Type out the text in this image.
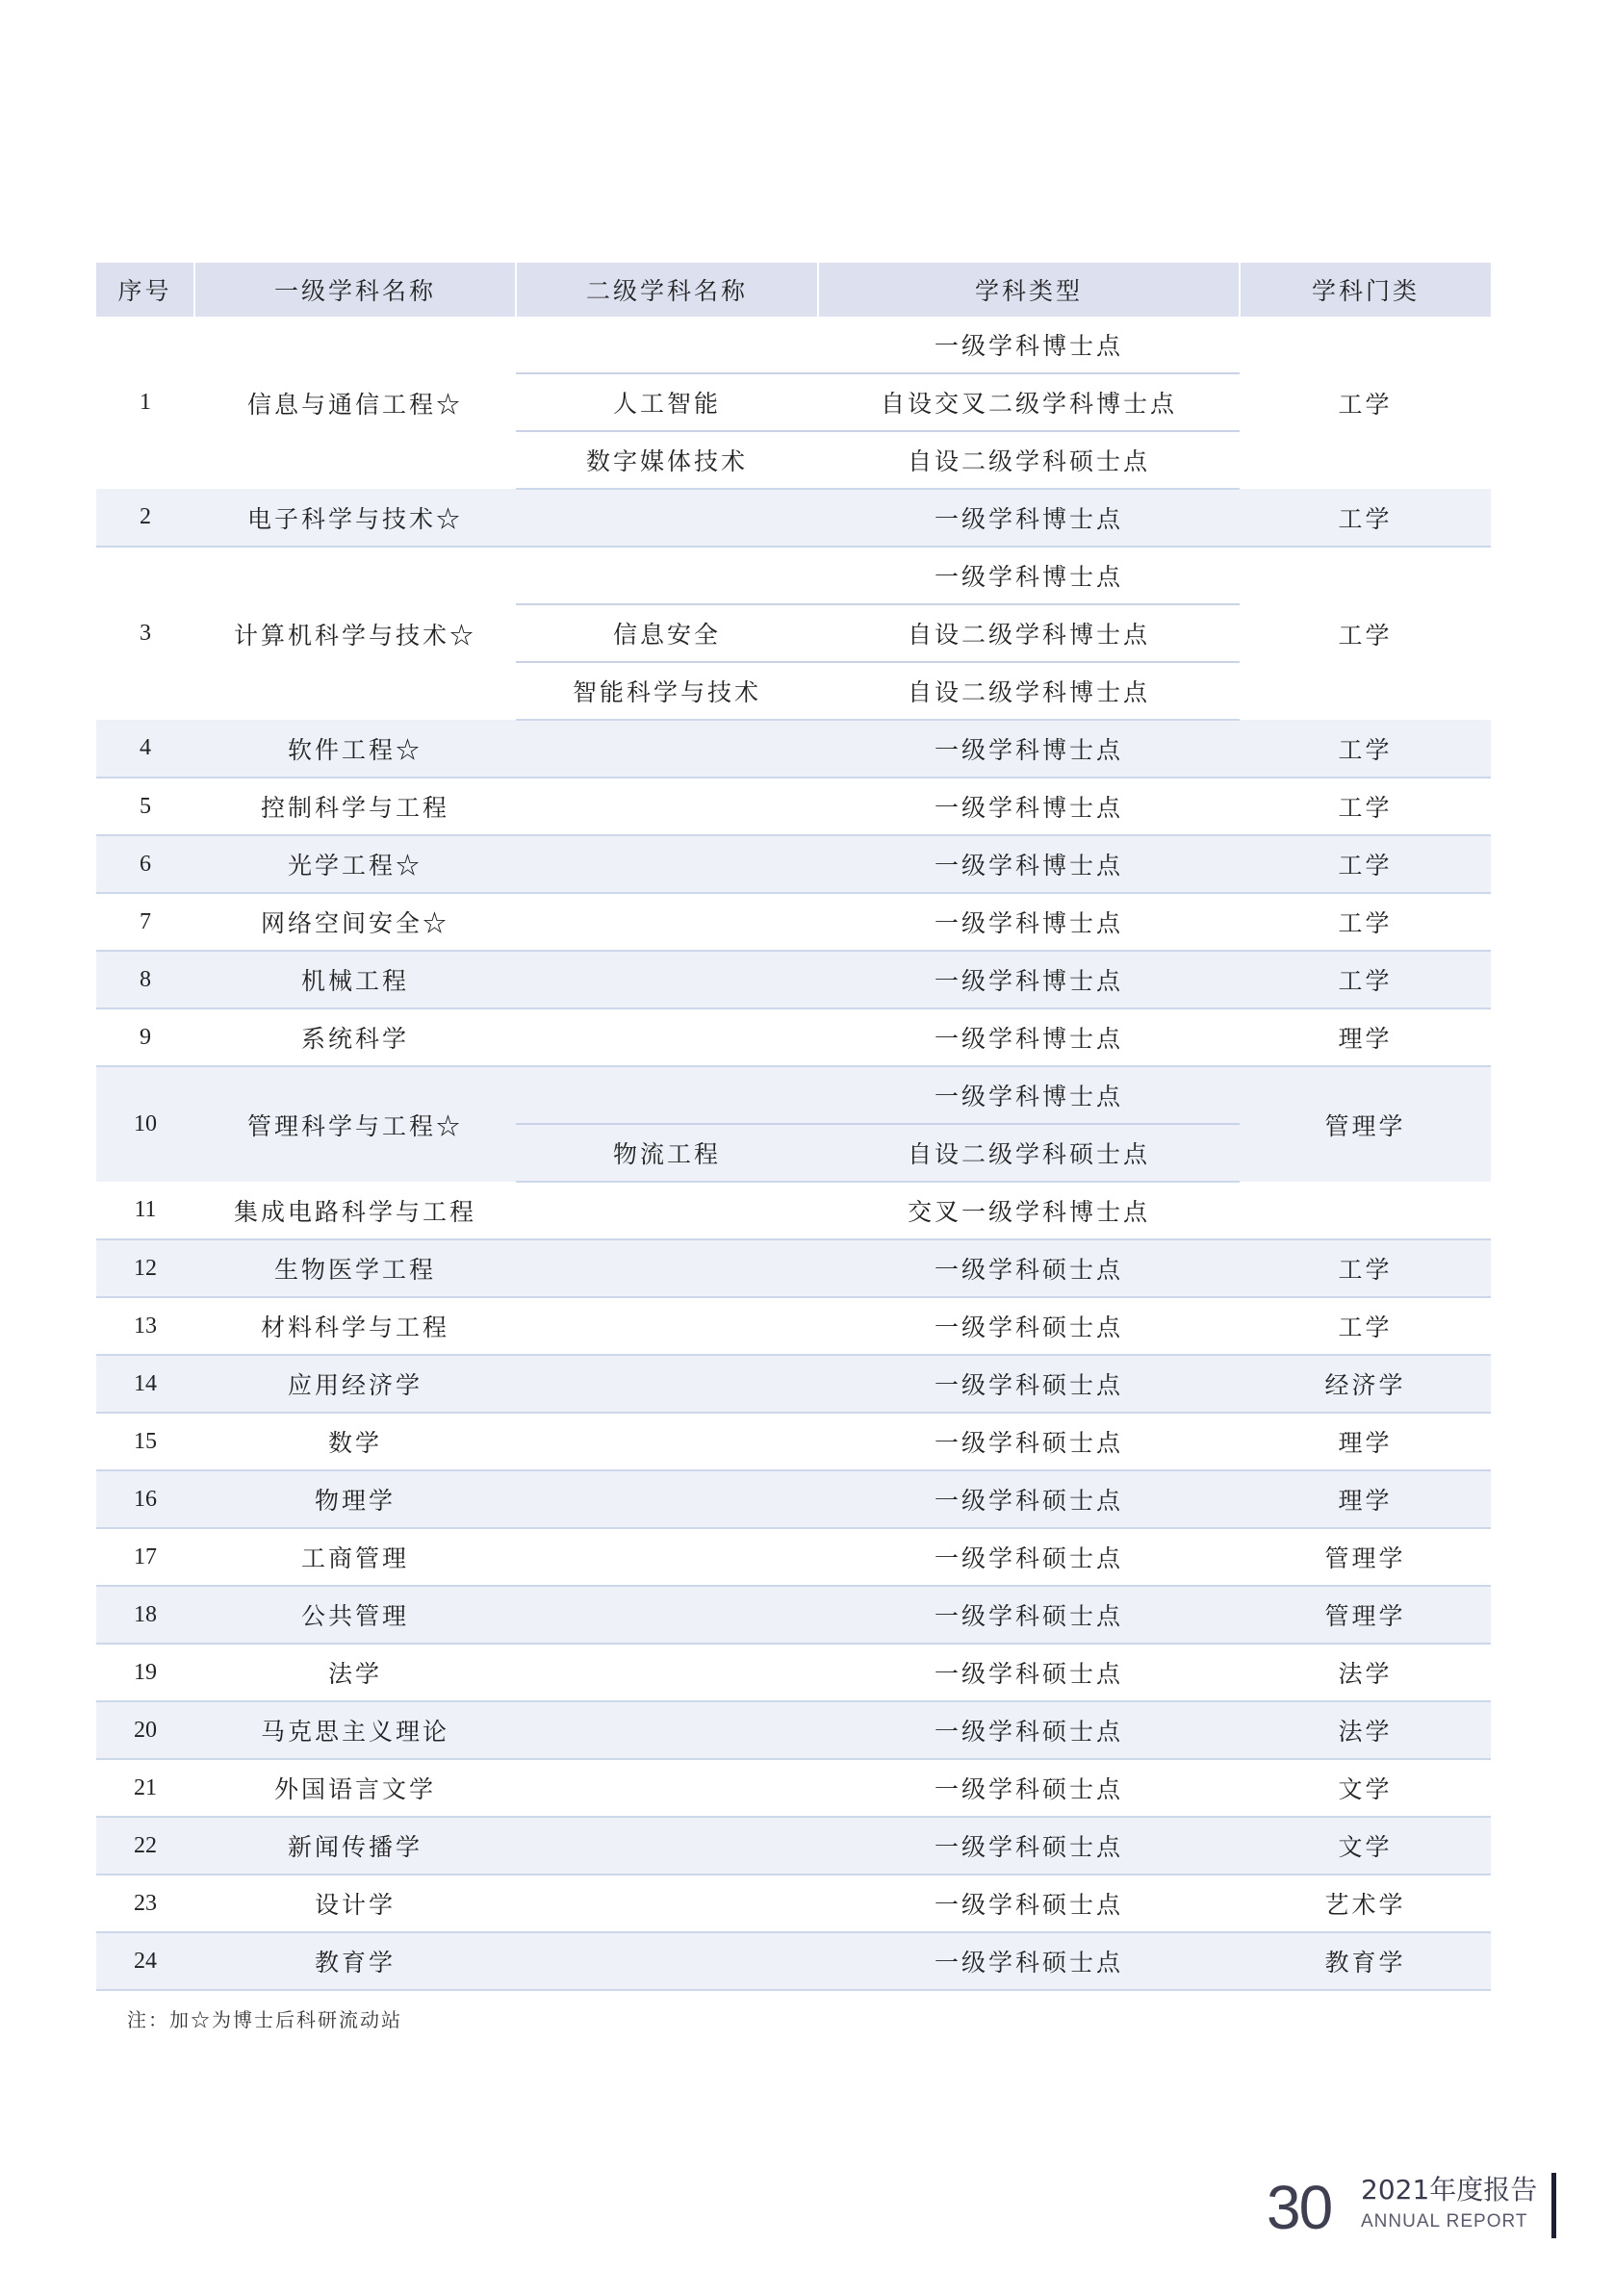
序号	一级学科名称	二级学科名称	学科类型	学科门类
1	信息与通信工程☆		一级学科博士点	工学
		人工智能	自设交叉二级学科博士点	
		数字媒体技术	自设二级学科硕士点	
2	电子科学与技术☆		一级学科博士点	工学
3	计算机科学与技术☆		一级学科博士点	工学
		信息安全	自设二级学科博士点	
		智能科学与技术	自设二级学科博士点	
4	软件工程☆		一级学科博士点	工学
5	控制科学与工程		一级学科博士点	工学
6	光学工程☆		一级学科博士点	工学
7	网络空间安全☆		一级学科博士点	工学
8	机械工程		一级学科博士点	工学
9	系统科学		一级学科博士点	理学
10	管理科学与工程☆		一级学科博士点	管理学
		物流工程	自设二级学科硕士点	
11	集成电路科学与工程		交叉一级学科博士点	
12	生物医学工程		一级学科硕士点	工学
13	材料科学与工程		一级学科硕士点	工学
14	应用经济学		一级学科硕士点	经济学
15	数学		一级学科硕士点	理学
16	物理学		一级学科硕士点	理学
17	工商管理		一级学科硕士点	管理学
18	公共管理		一级学科硕士点	管理学
19	法学		一级学科硕士点	法学
20	马克思主义理论		一级学科硕士点	法学
21	外国语言文学		一级学科硕士点	文学
22	新闻传播学		一级学科硕士点	文学
23	设计学		一级学科硕士点	艺术学
24	教育学		一级学科硕士点	教育学
注：加☆为博士后科研流动站
30 2021年度报告
ANNUAL REPORT
